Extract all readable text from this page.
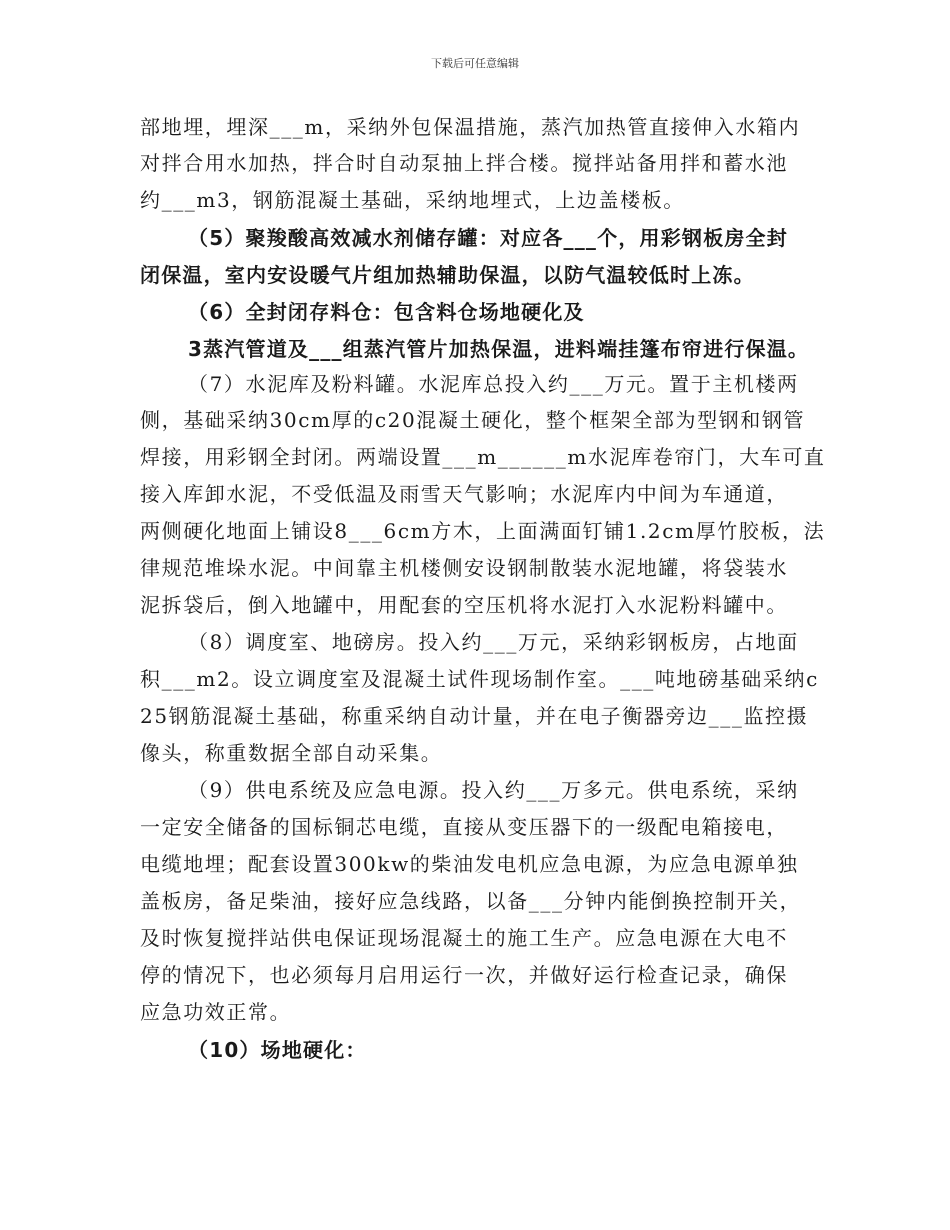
下载后可任意编辑
部地埋，埋深___m，采纳外包保温措施，蒸汽加热管直接伸入水箱内
对拌合用水加热，拌合时自动泵抽上拌合楼。搅拌站备用拌和蓄水池
约___m3，钢筋混凝土基础，采纳地埋式，上边盖楼板。
（5）聚羧酸高效减水剂储存罐：对应各___个，用彩钢板房全封
闭保温，室内安设暖气片组加热辅助保温，以防气温较低时上冻。
（6）全封闭存料仓：包含料仓场地硬化及
3蒸汽管道及___组蒸汽管片加热保温，进料端挂篷布帘进行保温。
（7）水泥库及粉料罐。水泥库总投入约___万元。置于主机楼两
侧，基础采纳30cm厚的c20混凝土硬化，整个框架全部为型钢和钢管
焊接，用彩钢全封闭。两端设置___m______m水泥库卷帘门，大车可直
接入库卸水泥，不受低温及雨雪天气影响；水泥库内中间为车通道，
两侧硬化地面上铺设8___6cm方木，上面满面钉铺1.2cm厚竹胶板，法
律规范堆垛水泥。中间靠主机楼侧安设钢制散装水泥地罐，将袋装水
泥拆袋后，倒入地罐中，用配套的空压机将水泥打入水泥粉料罐中。
（8）调度室、地磅房。投入约___万元，采纳彩钢板房，占地面
积___m2。设立调度室及混凝土试件现场制作室。___吨地磅基础采纳c
25钢筋混凝土基础，称重采纳自动计量，并在电子衡器旁边___监控摄
像头，称重数据全部自动采集。
（9）供电系统及应急电源。投入约___万多元。供电系统，采纳
一定安全储备的国标铜芯电缆，直接从变压器下的一级配电箱接电，
电缆地埋；配套设置300kw的柴油发电机应急电源，为应急电源单独
盖板房，备足柴油，接好应急线路，以备___分钟内能倒换控制开关，
及时恢复搅拌站供电保证现场混凝土的施工生产。应急电源在大电不
停的情况下，也必须每月启用运行一次，并做好运行检查记录，确保
应急功效正常。
（10）场地硬化：
